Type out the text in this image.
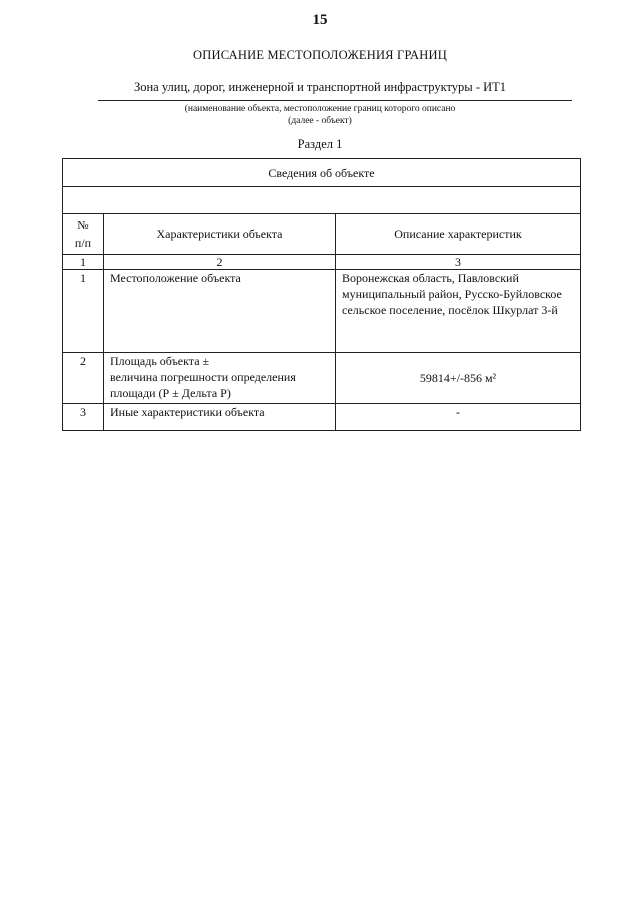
15
ОПИСАНИЕ МЕСТОПОЛОЖЕНИЯ ГРАНИЦ
Зона улиц, дорог, инженерной и транспортной инфраструктуры - ИТ1
(наименование объекта, местоположение границ которого описано
(далее - объект)
Раздел 1
Сведения об объекте		

№
п/п	Характеристики объекта	Описание характеристик
1	2	3
1	Местоположение объекта	Воронежская область, Павловский муниципальный район, Русско-Буйловское сельское поселение, посёлок Шкурлат 3-й
2	Площадь объекта ±
величина погрешности определения площади (Р ± Дельта Р)	59814+/-856 м²
3	Иные характеристики объекта	-
